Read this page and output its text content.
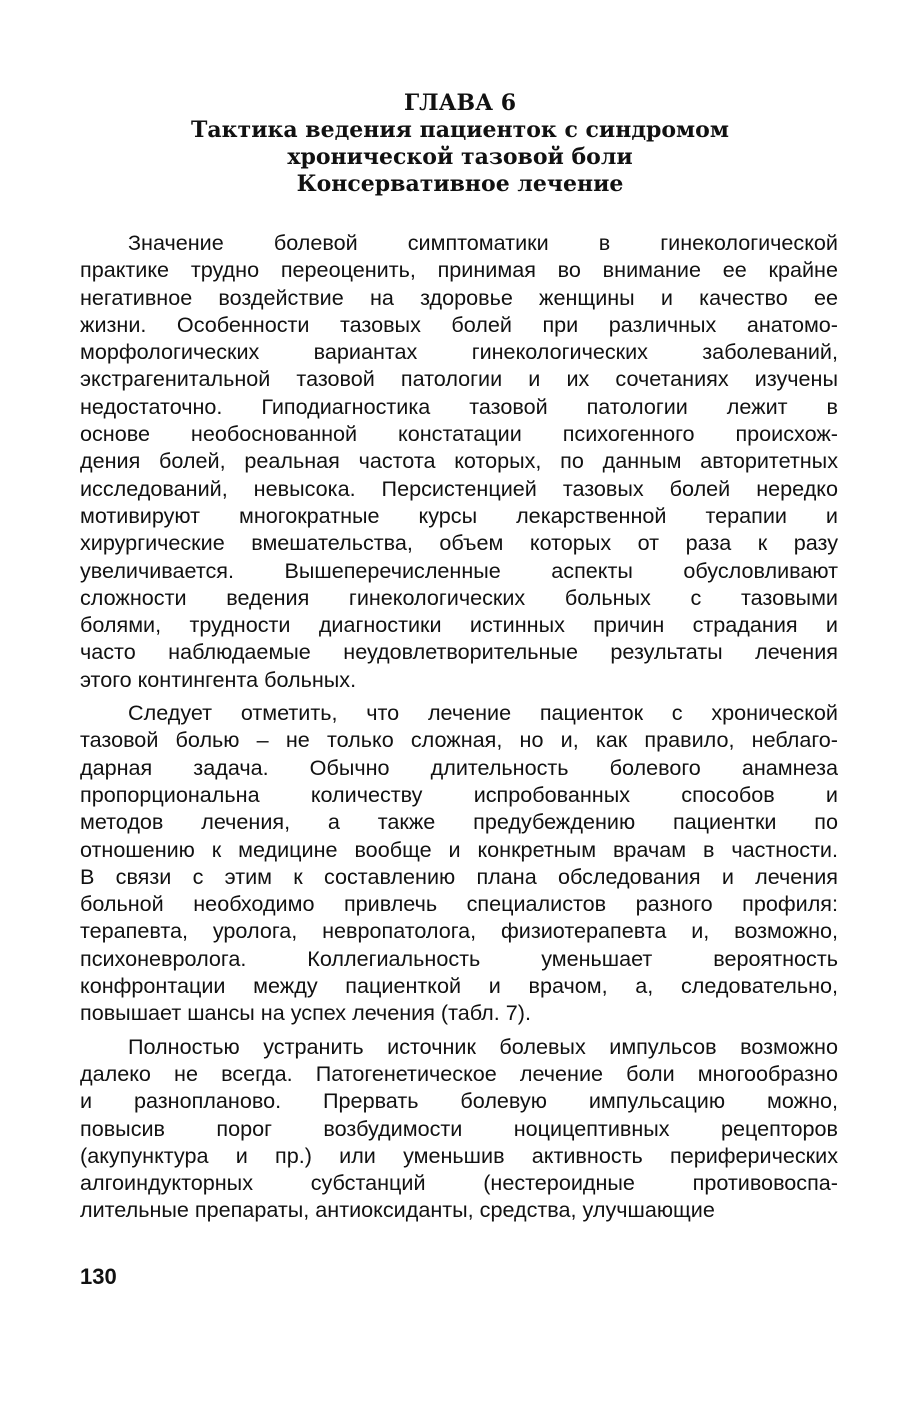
ГЛАВА 6
Тактика ведения пациенток с синдромом
хронической тазовой боли
Консервативное лечение
Значение болевой симптоматики в гинекологической
практике трудно переоценить, принимая во внимание ее крайне
негативное воздействие на здоровье женщины и качество ее
жизни. Особенности тазовых болей при различных анатомо-
морфологических вариантах гинекологических заболеваний,
экстрагенитальной тазовой патологии и их сочетаниях изучены
недостаточно. Гиподиагностика тазовой патологии лежит в
основе необоснованной констатации психогенного происхож-
дения болей, реальная частота которых, по данным авторитетных
исследований, невысока. Персистенцией тазовых болей нередко
мотивируют многократные курсы лекарственной терапии и
хирургические вмешательства, объем которых от раза к разу
увеличивается. Вышеперечисленные аспекты обусловливают
сложности ведения гинекологических больных с тазовыми
болями, трудности диагностики истинных причин страдания и
часто наблюдаемые неудовлетворительные результаты лечения
этого контингента больных.
Следует отметить, что лечение пациенток с хронической
тазовой болью – не только сложная, но и, как правило, неблаго-
дарная задача. Обычно длительность болевого анамнеза
пропорциональна количеству испробованных способов и
методов лечения, а также предубеждению пациентки по
отношению к медицине вообще и конкретным врачам в частности.
В связи с этим к составлению плана обследования и лечения
больной необходимо привлечь специалистов разного профиля:
терапевта, уролога, невропатолога, физиотерапевта и, возможно,
психоневролога. Коллегиальность уменьшает вероятность
конфронтации между пациенткой и врачом, а, следовательно,
повышает шансы на успех лечения (табл. 7).
Полностью устранить источник болевых импульсов возможно
далеко не всегда. Патогенетическое лечение боли многообразно
и разнопланово. Прервать болевую импульсацию можно,
повысив порог возбудимости ноцицептивных рецепторов
(акупунктура и пр.) или уменьшив активность периферических
алгоиндукторных субстанций (нестероидные противовоспа-
лительные препараты, антиоксиданты, средства, улучшающие
130
